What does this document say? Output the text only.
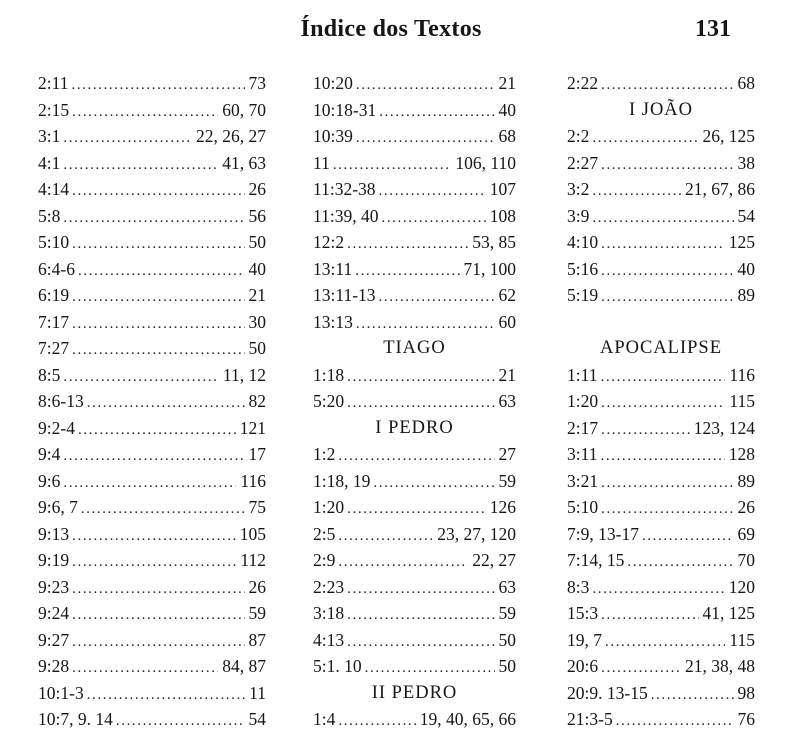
Índice dos Textos	131
2:11 .....	73
2:15 .....	60, 70
3:1 .....	22, 26, 27
4:1 .....	41, 63
4:14 .....	26
5:8 .....	56
5:10 .....	50
6:4-6 .....	40
6:19 .....	21
7:17 .....	30
7:27 .....	50
8:5 .....	11, 12
8:6-13 .....	82
9:2-4 .....	121
9:4 .....	17
9:6 .....	116
9:6, 7 .....	75
9:13 .....	105
9:19 .....	112
9:23 .....	26
9:24 .....	59
9:27 .....	87
9:28 .....	84, 87
10:1-3 .....	11
10:7, 9. 14 .....	54
10:20 .....	21
10:18-31 .....	40
10:39 .....	68
11 .....	106, 110
11:32-38 .....	107
11:39, 40 .....	108
12:2 .....	53, 85
13:11 .....	71, 100
13:11-13 .....	62
13:13 .....	60
TIAGO
1:18 .....	21
5:20 .....	63
I PEDRO
1:2 .....	27
1:18, 19 .....	59
1:20 .....	126
2:5 .....	23, 27, 120
2:9 .....	22, 27
2:23 .....	63
3:18 .....	59
4:13 .....	50
5:1. 10 .....	50
II PEDRO
1:4 .....	19, 40, 65, 66
2:22 .....	68
I JOÃO
2:2 .....	26, 125
2:27 .....	38
3:2 .....	21, 67, 86
3:9 .....	54
4:10 .....	125
5:16 .....	40
5:19 .....	89
APOCALIPSE
1:11 .....	116
1:20 .....	115
2:17 .....	123, 124
3:11 .....	128
3:21 .....	89
5:10 .....	26
7:9, 13-17 .....	69
7:14, 15 .....	70
8:3 .....	120
15:3 .....	41, 125
19, 7 .....	115
20:6 .....	21, 38, 48
20:9. 13-15 .....	98
21:3-5 .....	76
